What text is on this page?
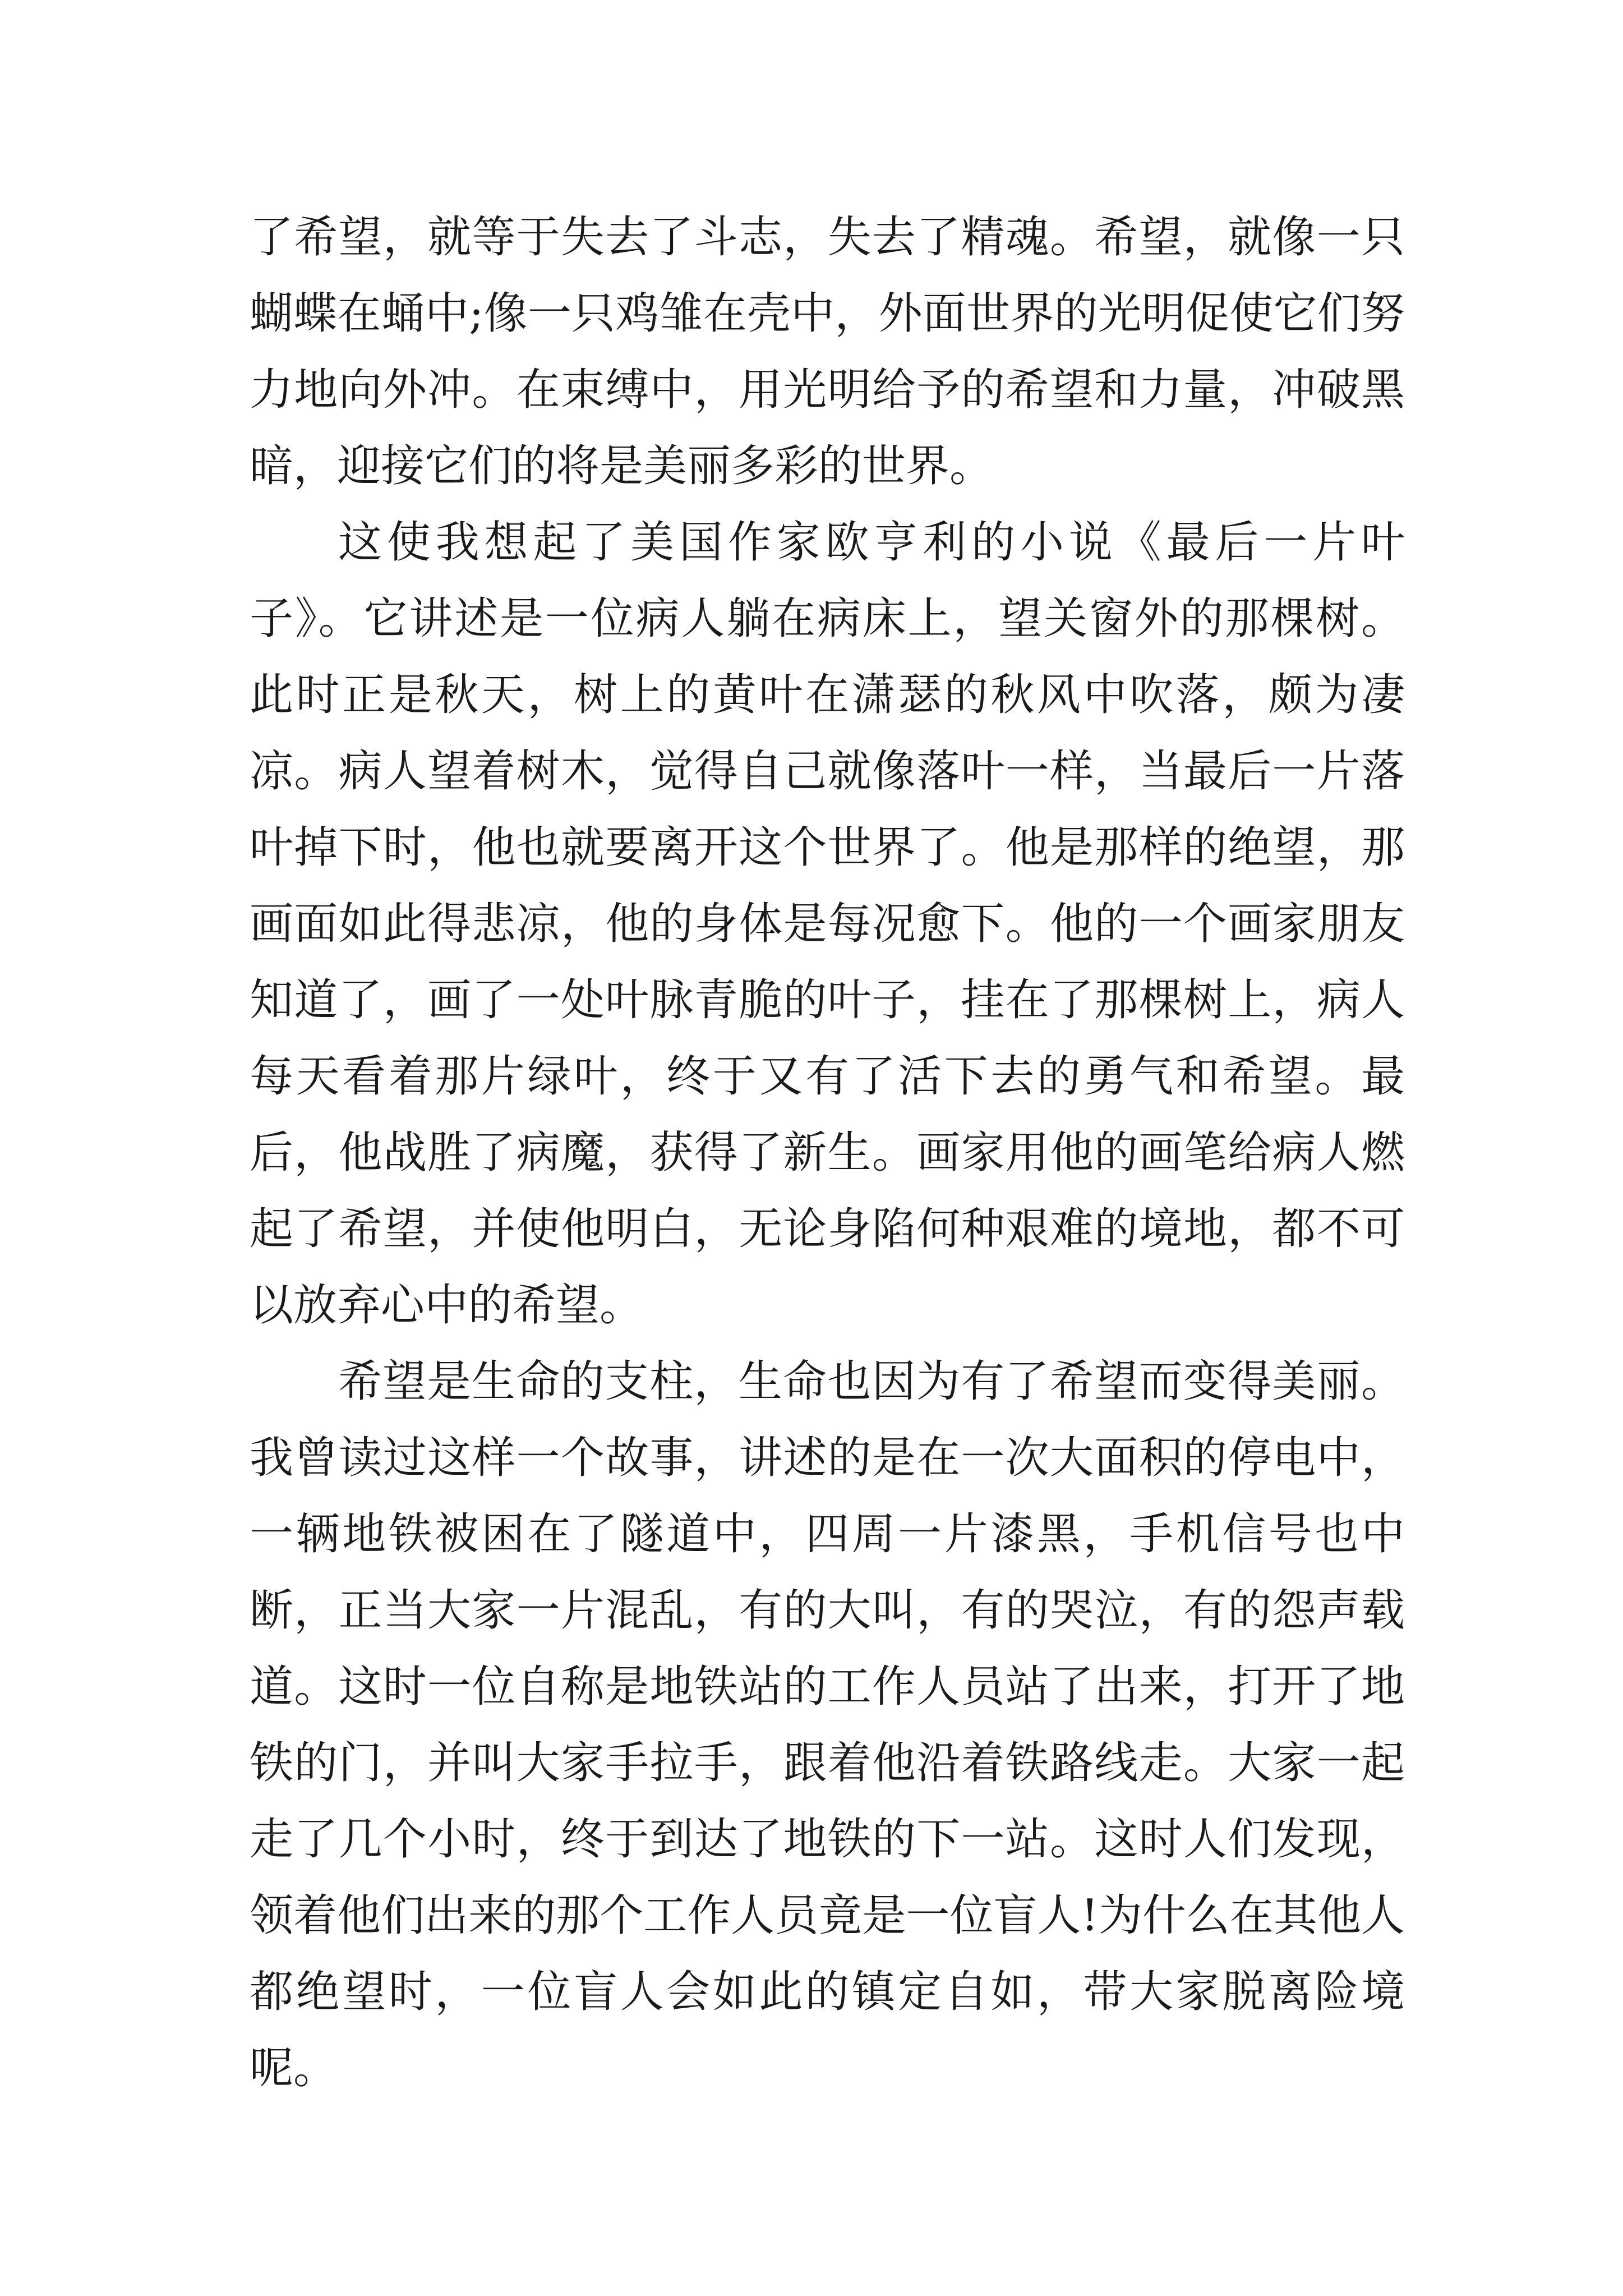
了希望，就等于失去了斗志，失去了精魂。希望，就像一只蝴蝶在蛹中;像一只鸡雏在壳中，外面世界的光明促使它们努力地向外冲。在束缚中，用光明给予的希望和力量，冲破黑暗，迎接它们的将是美丽多彩的世界。

这使我想起了美国作家欧亨利的小说《最后一片叶子》。它讲述是一位病人躺在病床上，望关窗外的那棵树。此时正是秋天，树上的黄叶在潇瑟的秋风中吹落，颇为凄凉。病人望着树木，觉得自己就像落叶一样，当最后一片落叶掉下时，他也就要离开这个世界了。他是那样的绝望，那画面如此得悲凉，他的身体是每况愈下。他的一个画家朋友知道了，画了一处叶脉青脆的叶子，挂在了那棵树上，病人每天看着那片绿叶，终于又有了活下去的勇气和希望。最后，他战胜了病魔，获得了新生。画家用他的画笔给病人燃起了希望，并使他明白，无论身陷何种艰难的境地，都不可以放弃心中的希望。

希望是生命的支柱，生命也因为有了希望而变得美丽。我曾读过这样一个故事，讲述的是在一次大面积的停电中，一辆地铁被困在了隧道中，四周一片漆黑，手机信号也中断，正当大家一片混乱，有的大叫，有的哭泣，有的怨声载道。这时一位自称是地铁站的工作人员站了出来，打开了地铁的门，并叫大家手拉手，跟着他沿着铁路线走。大家一起走了几个小时，终于到达了地铁的下一站。这时人们发现，领着他们出来的那个工作人员竟是一位盲人!为什么在其他人都绝望时，一位盲人会如此的镇定自如，带大家脱离险境呢。
